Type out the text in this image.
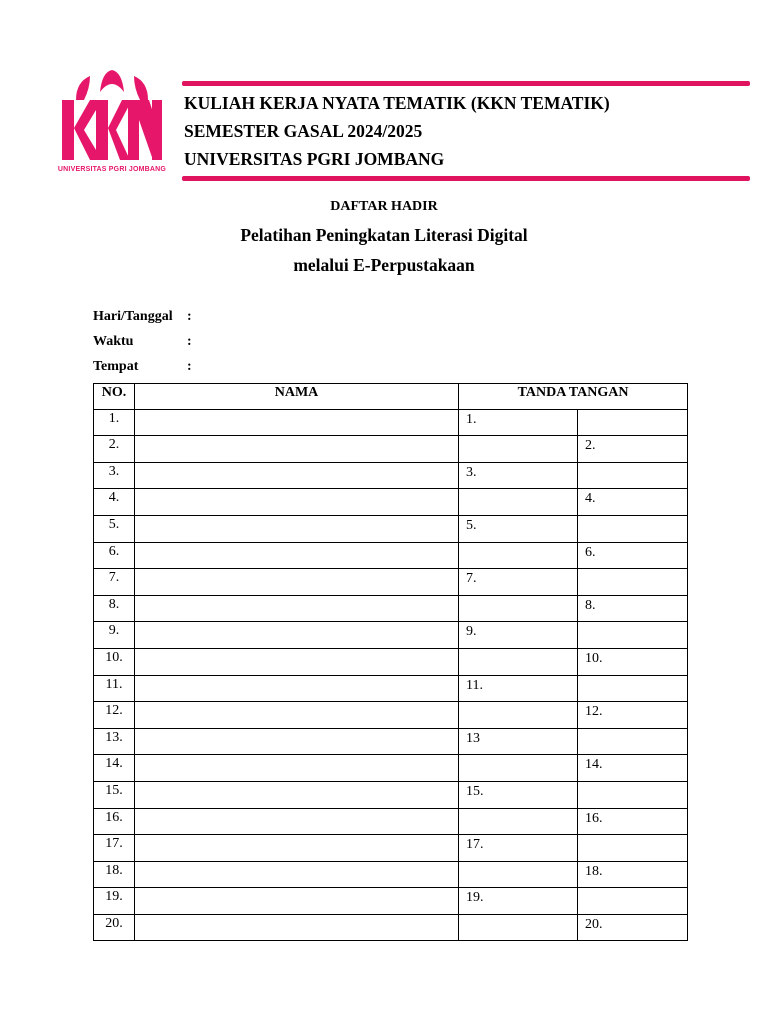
UNIVERSITAS PGRI JOMBANG
KULIAH KERJA NYATA TEMATIK (KKN TEMATIK)
SEMESTER GASAL 2024/2025
UNIVERSITAS PGRI JOMBANG
DAFTAR HADIR
Pelatihan Peningkatan Literasi Digital
melalui E-Perpustakaan
Hari/Tanggal :
Waktu	:
Tempat	:
NO.	NAMA	TANDA TANGAN	
1.		1.	
2.			2.
3.		3.	
4.			4.
5.		5.	
6.			6.
7.		7.	
8.			8.
9.		9.	
10.			10.
11.		11.	
12.			12.
13.		13	
14.			14.
15.		15.	
16.			16.
17.		17.	
18.			18.
19.		19.	
20.			20.
